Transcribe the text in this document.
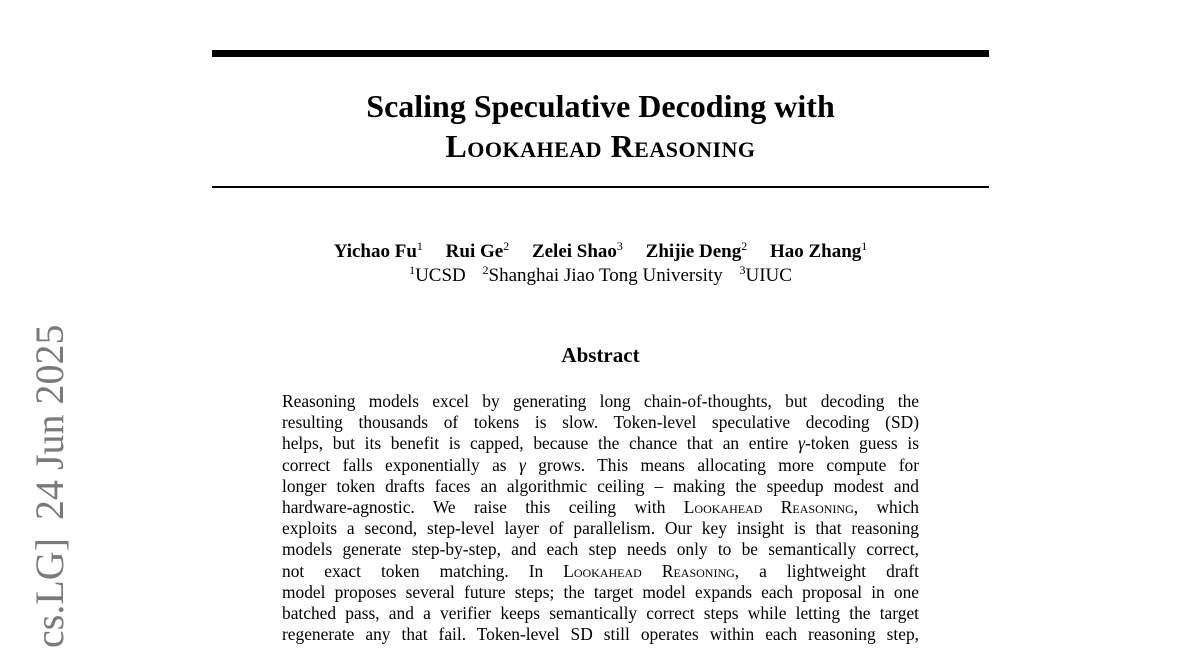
Scaling Speculative Decoding with
Lookahead Reasoning
Yichao Fu$^1$ Rui Ge$^2$ Zelei Shao$^3$ Zhijie Deng$^2$ Hao Zhang$^1$
$^1$UCSD $^2$Shanghai Jiao Tong University $^3$UIUC
Abstract
Reasoning models excel by generating long chain-of-thoughts, but decoding the
resulting thousands of tokens is slow. Token-level speculative decoding (SD)
helps, but its benefit is capped, because the chance that an entire γ-token guess is
correct falls exponentially as γ grows. This means allocating more compute for
longer token drafts faces an algorithmic ceiling – making the speedup modest and
hardware-agnostic. We raise this ceiling with Lookahead Reasoning, which
exploits a second, step-level layer of parallelism. Our key insight is that reasoning
models generate step-by-step, and each step needs only to be semantically correct,
not exact token matching. In Lookahead Reasoning, a lightweight draft
model proposes several future steps; the target model expands each proposal in one
batched pass, and a verifier keeps semantically correct steps while letting the target
regenerate any that fail. Token-level SD still operates within each reasoning step,
cs.LG]24 Jun 2025
